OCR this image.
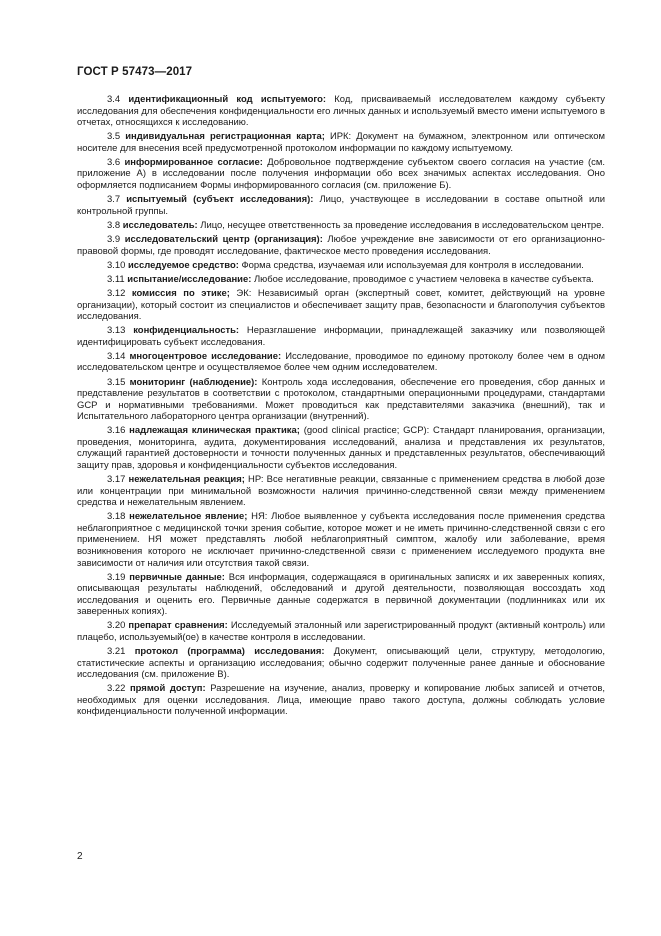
ГОСТ Р 57473—2017

3.4 идентификационный код испытуемого: Код, присваиваемый исследователем каждому субъекту исследования для обеспечения конфиденциальности его личных данных и используемый вместо имени испытуемого в отчетах, относящихся к исследованию.

3.5 индивидуальная регистрационная карта; ИРК: Документ на бумажном, электронном или оптическом носителе для внесения всей предусмотренной протоколом информации по каждому испытуемому.

3.6 информированное согласие: Добровольное подтверждение субъектом своего согласия на участие (см. приложение А) в исследовании после получения информации обо всех значимых аспектах исследования. Оно оформляется подписанием Формы информированного согласия (см. приложение Б).

3.7 испытуемый (субъект исследования): Лицо, участвующее в исследовании в составе опытной или контрольной группы.

3.8 исследователь: Лицо, несущее ответственность за проведение исследования в исследовательском центре.

3.9 исследовательский центр (организация): Любое учреждение вне зависимости от его организационно-правовой формы, где проводят исследование, фактическое место проведения исследования.

3.10 исследуемое средство: Форма средства, изучаемая или используемая для контроля в исследовании.

3.11 испытание/исследование: Любое исследование, проводимое с участием человека в качестве субъекта.

3.12 комиссия по этике; ЭК: Независимый орган (экспертный совет, комитет, действующий на уровне организации), который состоит из специалистов и обеспечивает защиту прав, безопасности и благополучия субъектов исследования.

3.13 конфиденциальность: Неразглашение информации, принадлежащей заказчику или позволяющей идентифицировать субъект исследования.

3.14 многоцентровое исследование: Исследование, проводимое по единому протоколу более чем в одном исследовательском центре и осуществляемое более чем одним исследователем.

3.15 мониторинг (наблюдение): Контроль хода исследования, обеспечение его проведения, сбор данных и представление результатов в соответствии с протоколом, стандартными операционными процедурами, стандартами GCP и нормативными требованиями. Может проводиться как представителями заказчика (внешний), так и Испытательного лабораторного центра организации (внутренний).

3.16 надлежащая клиническая практика; (good clinical practice; GCP): Стандарт планирования, организации, проведения, мониторинга, аудита, документирования исследований, анализа и представления их результатов, служащий гарантией достоверности и точности полученных данных и представленных результатов, обеспечивающий защиту прав, здоровья и конфиденциальности субъектов исследования.

3.17 нежелательная реакция; НР: Все негативные реакции, связанные с применением средства в любой дозе или концентрации при минимальной возможности наличия причинно-следственной связи между применением средства и нежелательным явлением.

3.18 нежелательное явление; НЯ: Любое выявленное у субъекта исследования после применения средства неблагоприятное с медицинской точки зрения событие, которое может и не иметь причинно-следственной связи с его применением. НЯ может представлять любой неблагоприятный симптом, жалобу или заболевание, время возникновения которого не исключает причинно-следственной связи с применением исследуемого продукта вне зависимости от наличия или отсутствия такой связи.

3.19 первичные данные: Вся информация, содержащаяся в оригинальных записях и их заверенных копиях, описывающая результаты наблюдений, обследований и другой деятельности, позволяющая воссоздать ход исследования и оценить его. Первичные данные содержатся в первичной документации (подлинниках или их заверенных копиях).

3.20 препарат сравнения: Исследуемый эталонный или зарегистрированный продукт (активный контроль) или плацебо, используемый(ое) в качестве контроля в исследовании.

3.21 протокол (программа) исследования: Документ, описывающий цели, структуру, методологию, статистические аспекты и организацию исследования; обычно содержит полученные ранее данные и обоснование исследования (см. приложение В).

3.22 прямой доступ: Разрешение на изучение, анализ, проверку и копирование любых записей и отчетов, необходимых для оценки исследования. Лица, имеющие право такого доступа, должны соблюдать условие конфиденциальности полученной информации.

2
